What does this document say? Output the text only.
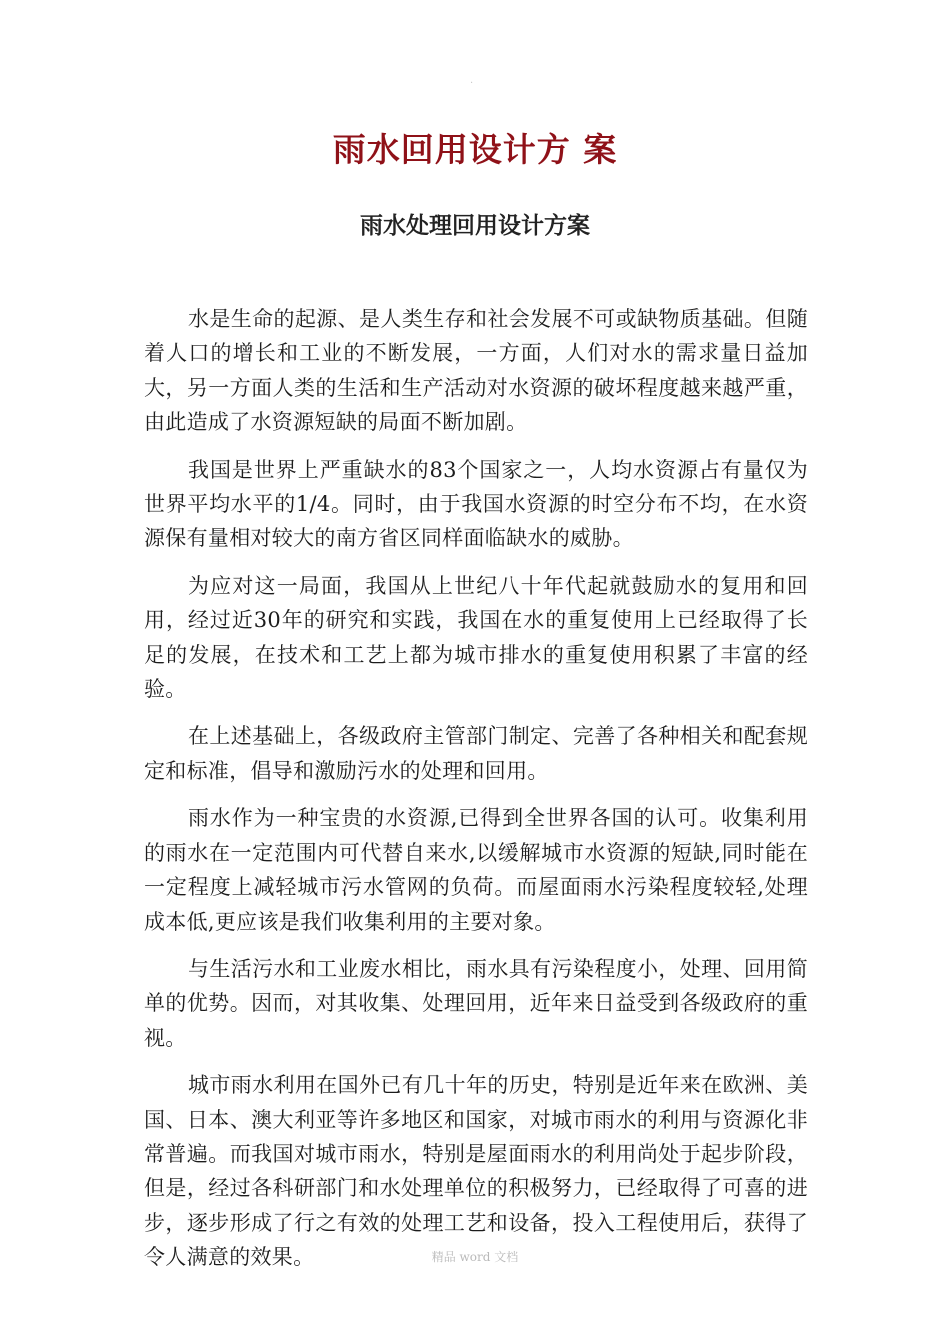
.
雨水回用设计方 案
雨水处理回用设计方案

水是生命的起源、是人类生存和社会发展不可或缺物质基础。但随着人口的增长和工业的不断发展，一方面，人们对水的需求量日益加大，另一方面人类的生活和生产活动对水资源的破坏程度越来越严重，由此造成了水资源短缺的局面不断加剧。

我国是世界上严重缺水的83个国家之一，人均水资源占有量仅为世界平均水平的1/4。同时，由于我国水资源的时空分布不均，在水资源保有量相对较大的南方省区同样面临缺水的威胁。

为应对这一局面，我国从上世纪八十年代起就鼓励水的复用和回用，经过近30年的研究和实践，我国在水的重复使用上已经取得了长足的发展，在技术和工艺上都为城市排水的重复使用积累了丰富的经验。

在上述基础上，各级政府主管部门制定、完善了各种相关和配套规定和标准，倡导和激励污水的处理和回用。

雨水作为一种宝贵的水资源,已得到全世界各国的认可。收集利用的雨水在一定范围内可代替自来水,以缓解城市水资源的短缺,同时能在一定程度上减轻城市污水管网的负荷。而屋面雨水污染程度较轻,处理成本低,更应该是我们收集利用的主要对象。

与生活污水和工业废水相比，雨水具有污染程度小，处理、回用简单的优势。因而，对其收集、处理回用，近年来日益受到各级政府的重视。

城市雨水利用在国外已有几十年的历史，特别是近年来在欧洲、美国、日本、澳大利亚等许多地区和国家，对城市雨水的利用与资源化非常普遍。而我国对城市雨水，特别是屋面雨水的利用尚处于起步阶段，但是，经过各科研部门和水处理单位的积极努力，已经取得了可喜的进步，逐步形成了行之有效的处理工艺和设备，投入工程使用后，获得了令人满意的效果。	精品 word 文档
